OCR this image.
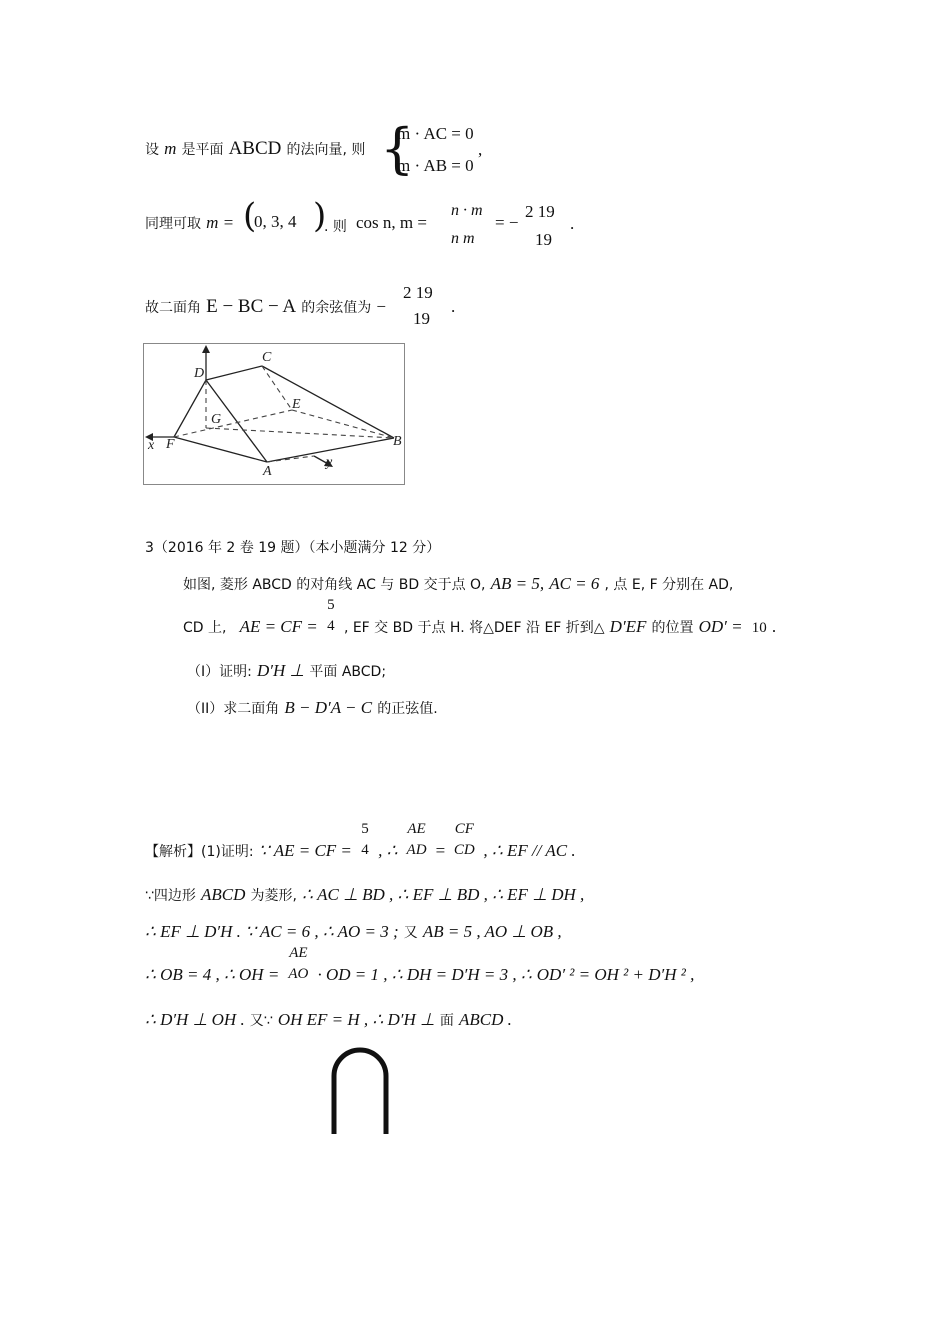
设 m 是平面 ABCD 的法向量, 则 {
m · AC = 0
m · AB = 0
,
同理可取 m = (
0, 3, 4 )
. 则 cos n, m =
n · m
n m
= −
2 19
19
.
故二面角 E − BC − A 的余弦值为 −
2 19
19
.
D
C
G
E
F	B
A
x
y
3（2016 年 2 卷 19 题）（本小题满分 12 分）
如图, 菱形 ABCD 的对角线 AC 与 BD 交于点 O, AB = 5, AC = 6 , 点 E, F 分别在 AD,
CD 上, AE = CF =
5
4 , EF 交 BD 于点 H. 将△DEF 沿 EF 折到△ D′EF 的位置 OD′ = 10 .
（I）证明: D′H ⊥ 平面 ABCD;
（II）求二面角 B − D′A − C 的正弦值.
【解析】(1)证明: ∵ AE = CF =
5
4 , ∴
AE
AD =
CF
CD , ∴ EF // AC .
∵四边形 ABCD 为菱形, ∴ AC ⊥ BD , ∴ EF ⊥ BD , ∴ EF ⊥ DH ,
∴ EF ⊥ D′H . ∵ AC = 6 , ∴ AO = 3 ; 又 AB = 5 , AO ⊥ OB ,
∴ OB = 4 , ∴ OH =
AE
AO · OD = 1 , ∴ DH = D′H = 3 , ∴ OD′ ² = OH ² + D′H ² ,
∴ D′H ⊥ OH . 又∵ OH EF = H , ∴ D′H ⊥ 面 ABCD .
